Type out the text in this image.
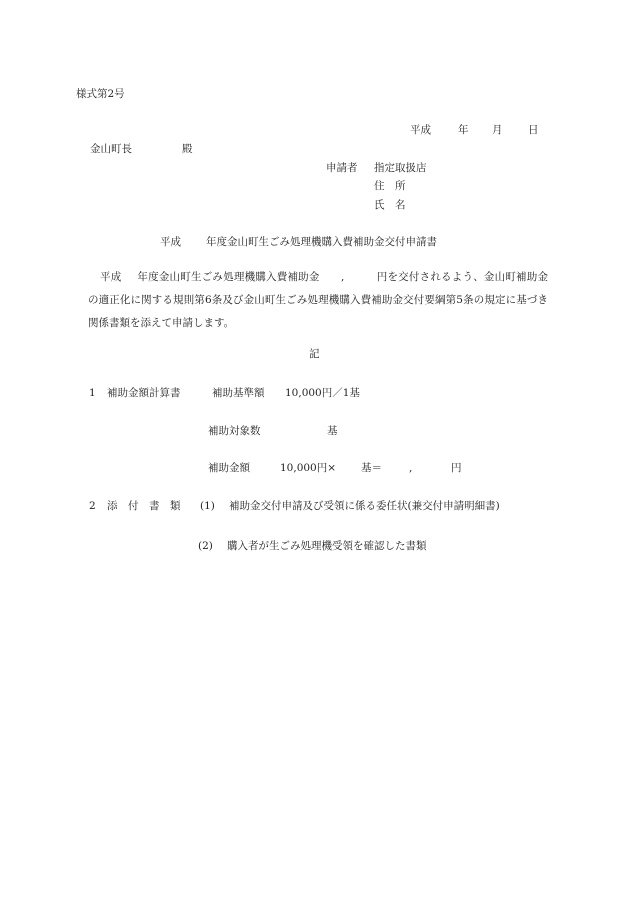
様式第2号
平成	年 月 日
金山町長	殿
申請者 指定取扱店
住　所
氏　名
平成 年度金山町生ごみ処理機購入費補助金交付申請書
平成   年度金山町生ごみ処理機購入費補助金　　,　　　円を交付されるよう、金山町補助金の適正化に関する規則第6条及び金山町生ごみ処理機購入費補助金交付要綱第5条の規定に基づき関係書類を添えて申請します。
記
1 補助金額計算書	補助基準額 10,000円／1基
補助対象数	基
補助金額	10,000円× 基＝	,	円
2 添　付　書　類 (1) 補助金交付申請及び受領に係る委任状(兼交付申請明細書)
(2) 購入者が生ごみ処理機受領を確認した書類
